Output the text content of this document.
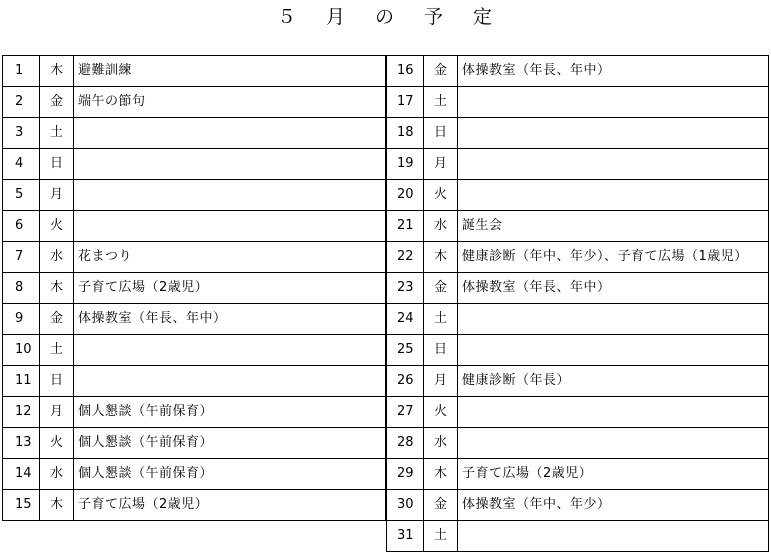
５ 月 の 予 定
1	木	避難訓練
2	金	端午の節句
3	土	
4	日	
5	月	
6	火	
7	水	花まつり
8	木	子育て広場（2歳児）
9	金	体操教室（年長、年中）
10	土	
11	日	
12	月	個人懇談（午前保育）
13	火	個人懇談（午前保育）
14	水	個人懇談（午前保育）
15	木	子育て広場（2歳児）
16	金	体操教室（年長、年中）
17	土	
18	日	
19	月	
20	火	
21	水	誕生会
22	木	健康診断（年中、年少）、子育て広場（1歳児）
23	金	体操教室（年長、年中）
24	土	
25	日	
26	月	健康診断（年長）
27	火	
28	水	
29	木	子育て広場（2歳児）
30	金	体操教室（年中、年少）
31	土	
